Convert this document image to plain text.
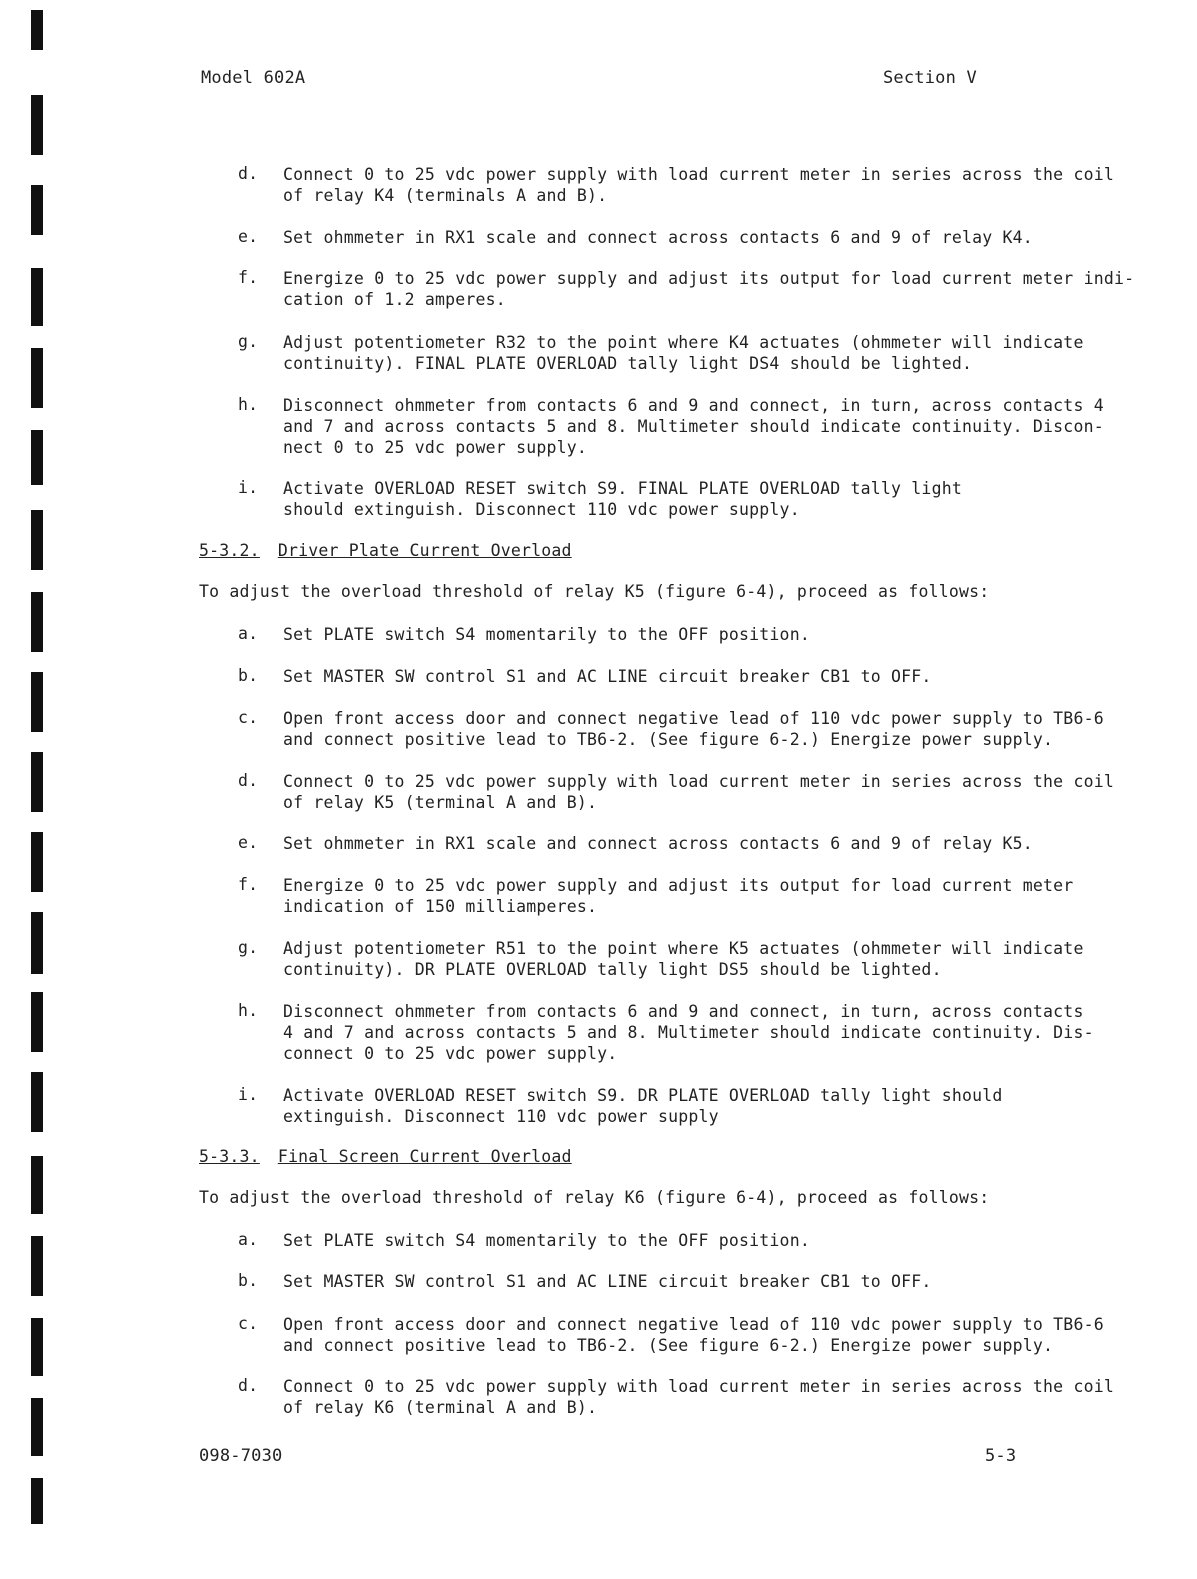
Model 602A	Section V
d.	Connect 0 to 25 vdc power supply with load current meter in series across the coil
of relay K4 (terminals A and B).
e.	Set ohmmeter in RX1 scale and connect across contacts 6 and 9 of relay K4.
f.	Energize 0 to 25 vdc power supply and adjust its output for load current meter indi-
cation of 1.2 amperes.
g.	Adjust potentiometer R32 to the point where K4 actuates (ohmmeter will indicate
continuity). FINAL PLATE OVERLOAD tally light DS4 should be lighted.
h.	Disconnect ohmmeter from contacts 6 and 9 and connect, in turn, across contacts 4
and 7 and across contacts 5 and 8. Multimeter should indicate continuity. Discon-
nect 0 to 25 vdc power supply.
i.	Activate OVERLOAD RESET switch S9. FINAL PLATE OVERLOAD tally light
should extinguish. Disconnect 110 vdc power supply.
5-3.2. Driver Plate Current Overload
To adjust the overload threshold of relay K5 (figure 6-4), proceed as follows:
a.	Set PLATE switch S4 momentarily to the OFF position.
b.	Set MASTER SW control S1 and AC LINE circuit breaker CB1 to OFF.
c.	Open front access door and connect negative lead of 110 vdc power supply to TB6-6
and connect positive lead to TB6-2. (See figure 6-2.) Energize power supply.
d.	Connect 0 to 25 vdc power supply with load current meter in series across the coil
of relay K5 (terminal A and B).
e.	Set ohmmeter in RX1 scale and connect across contacts 6 and 9 of relay K5.
f.	Energize 0 to 25 vdc power supply and adjust its output for load current meter
indication of 150 milliamperes.
g.	Adjust potentiometer R51 to the point where K5 actuates (ohmmeter will indicate
continuity). DR PLATE OVERLOAD tally light DS5 should be lighted.
h.	Disconnect ohmmeter from contacts 6 and 9 and connect, in turn, across contacts
4 and 7 and across contacts 5 and 8. Multimeter should indicate continuity. Dis-
connect 0 to 25 vdc power supply.
i.	Activate OVERLOAD RESET switch S9. DR PLATE OVERLOAD tally light should
extinguish. Disconnect 110 vdc power supply
5-3.3. Final Screen Current Overload
To adjust the overload threshold of relay K6 (figure 6-4), proceed as follows:
a.	Set PLATE switch S4 momentarily to the OFF position.
b.	Set MASTER SW control S1 and AC LINE circuit breaker CB1 to OFF.
c.	Open front access door and connect negative lead of 110 vdc power supply to TB6-6
and connect positive lead to TB6-2. (See figure 6-2.) Energize power supply.
d.	Connect 0 to 25 vdc power supply with load current meter in series across the coil
of relay K6 (terminal A and B).
098-7030	5-3
